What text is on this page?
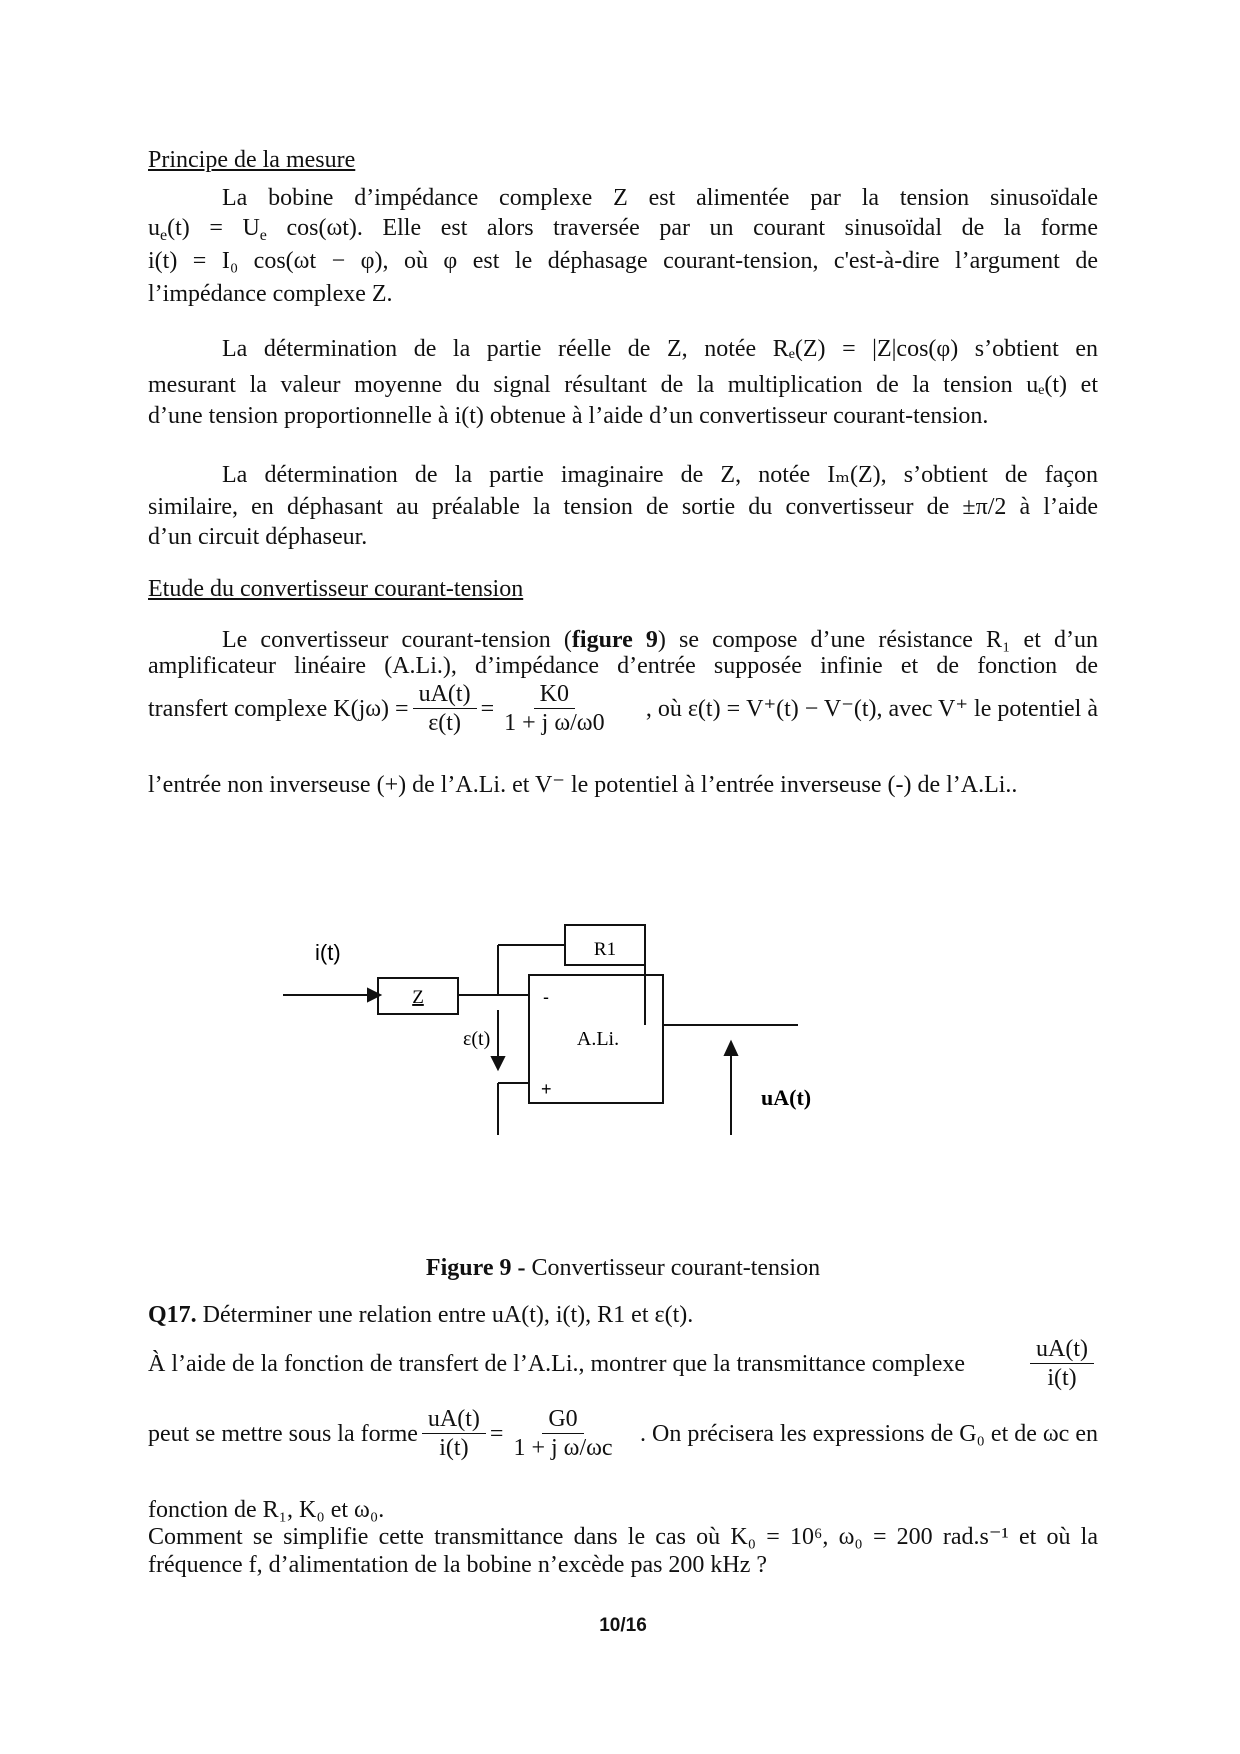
Principe de la mesure
La bobine d’impédance complexe Z est alimentée par la tension sinusoïdale
$u_e(t) = U_e$ cos(ωt). Elle est alors traversée par un courant sinusoïdal de la forme
i(t) = I₀ cos(ωt − φ), où φ est le déphasage courant-tension, c'est-à-dire l’argument de
l’impédance complexe Z.
La détermination de la partie réelle de Z, notée Rₑ(Z) = |Z|cos(φ) s’obtient en
mesurant la valeur moyenne du signal résultant de la multiplication de la tension uₑ(t) et
d’une tension proportionnelle à i(t) obtenue à l’aide d’un convertisseur courant-tension.
La détermination de la partie imaginaire de Z, notée Iₘ(Z), s’obtient de façon
similaire, en déphasant au préalable la tension de sortie du convertisseur de ±π/2 à l’aide
d’un circuit déphaseur.
Etude du convertisseur courant-tension
Le convertisseur courant-tension (figure 9) se compose d’une résistance R₁ et d’un
amplificateur linéaire (A.Li.), d’impédance d’entrée supposée infinie et de fonction de
transfert complexe $K(j\omega) = \frac{uA(t)}{\varepsilon(t)} = \frac{K0}{\text{1 + j ω/ω0}}$ , où ε(t) = V⁺(t) − V⁻(t), avec V⁺ le potentiel à
l’entrée non inverseuse (+) de l’A.Li. et V⁻ le potentiel à l’entrée inverseuse (-) de l’A.Li..
R1
Z
A.Li.
i(t)
ε(t)
-
+	uA(t)
Figure 9 - Convertisseur courant-tension
Q17. Déterminer une relation entre uA(t), i(t), R1 et ε(t).
À l’aide de la fonction de transfert de l’A.Li., montrer que la transmittance complexe	$\frac{uA(t)}{i(t)}$
peut se mettre sous la forme $\frac{uA(t)}{i(t)} = \frac{G0}{\text{1 + j ω/ωc}}$ . On précisera les expressions de G₀ et de ωc en
fonction de R₁, K₀ et ω₀.
Comment se simplifie cette transmittance dans le cas où K₀ = 10⁶, ω₀ = 200 rad.s⁻¹ et où la
fréquence f, d’alimentation de la bobine n’excède pas 200 kHz ?
10/16
